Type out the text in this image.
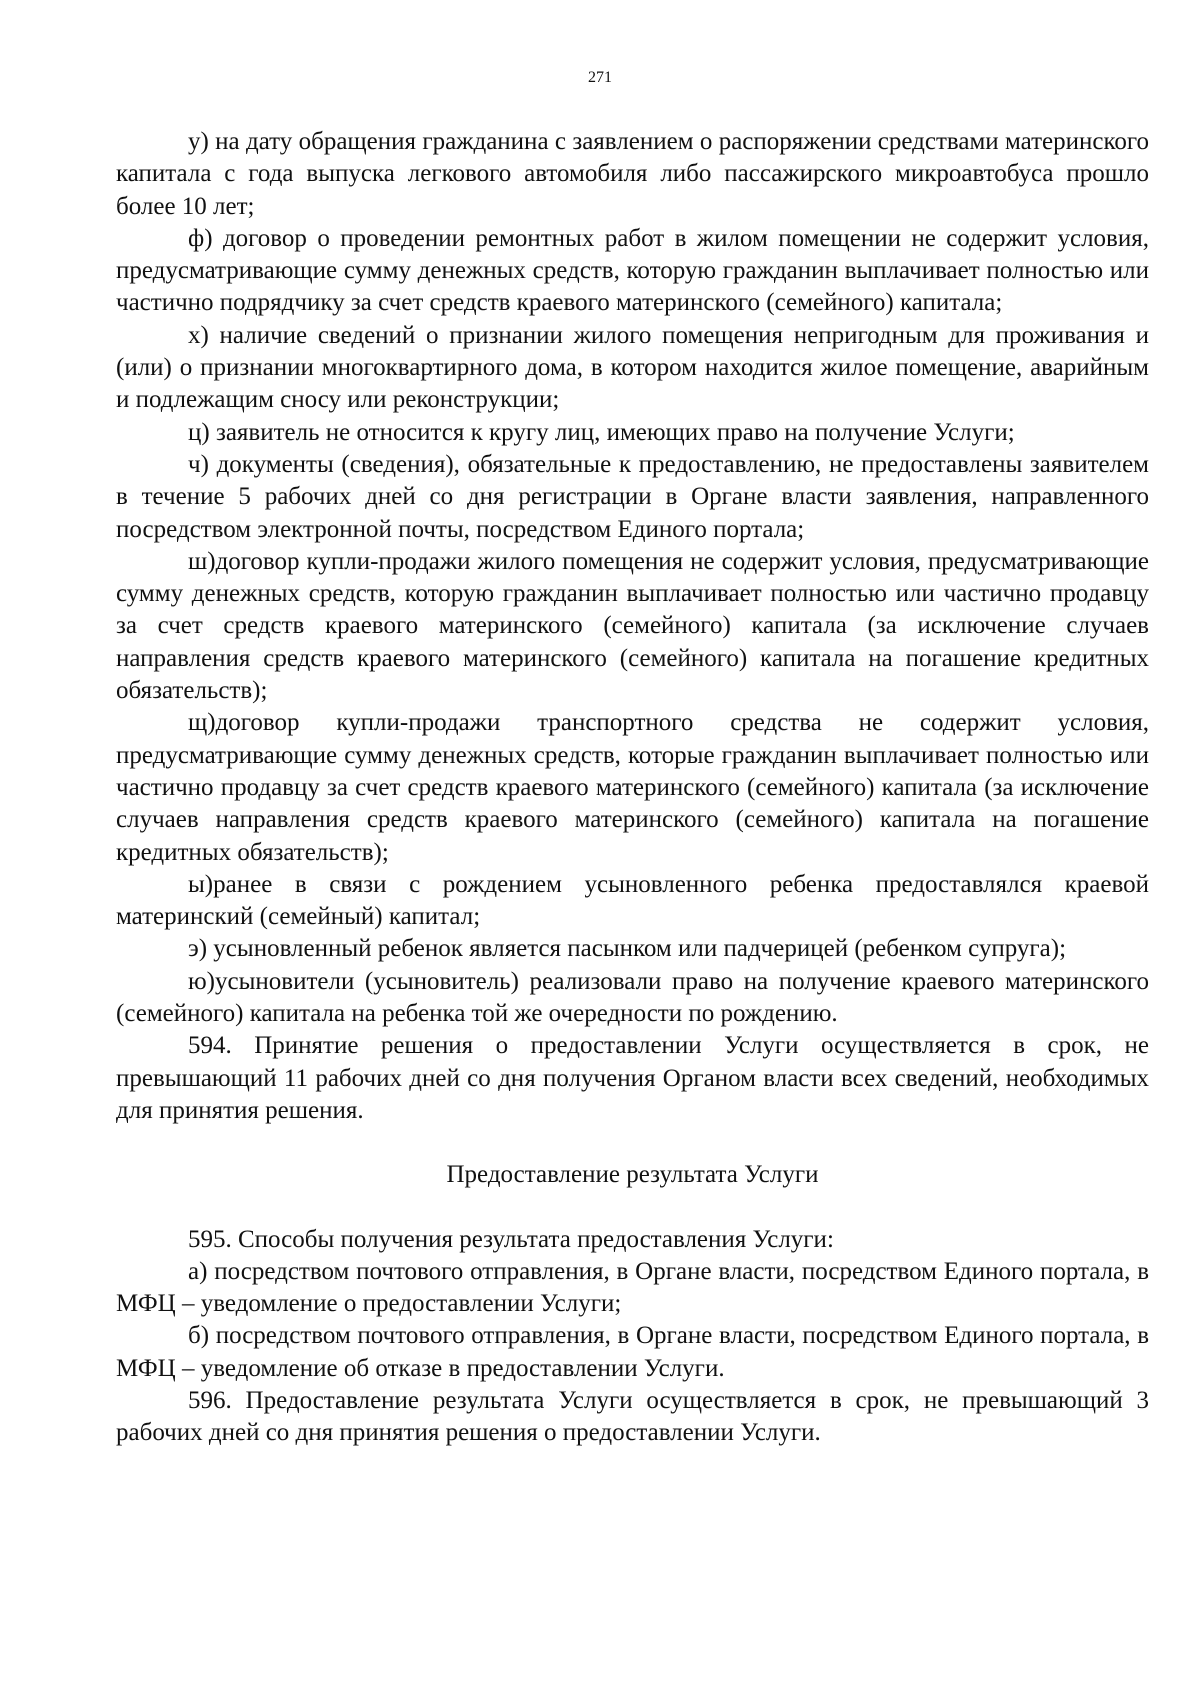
271

у) на дату обращения гражданина с заявлением о распоряжении средствами материнского капитала с года выпуска легкового автомобиля либо пассажирского микроавтобуса прошло более 10 лет;

ф) договор о проведении ремонтных работ в жилом помещении не содержит условия, предусматривающие сумму денежных средств, которую гражданин выплачивает полностью или частично подрядчику за счет средств краевого материнского (семейного) капитала;

х) наличие сведений о признании жилого помещения непригодным для проживания и (или) о признании многоквартирного дома, в котором находится жилое помещение, аварийным и подлежащим сносу или реконструкции;

ц) заявитель не относится к кругу лиц, имеющих право на получение Услуги;

ч) документы (сведения), обязательные к предоставлению, не предоставлены заявителем в течение 5 рабочих дней со дня регистрации в Органе власти заявления, направленного посредством электронной почты, посредством Единого портала;

ш)договор купли-продажи жилого помещения не содержит условия, предусматривающие сумму денежных средств, которую гражданин выплачивает полностью или частично продавцу за счет средств краевого материнского (семейного) капитала (за исключение случаев направления средств краевого материнского (семейного) капитала на погашение кредитных обязательств);

щ)договор купли-продажи транспортного средства не содержит условия, предусматривающие сумму денежных средств, которые гражданин выплачивает полностью или частично продавцу за счет средств краевого материнского (семейного) капитала (за исключение случаев направления средств краевого материнского (семейного) капитала на погашение кредитных обязательств);

ы)ранее в связи с рождением усыновленного ребенка предоставлялся краевой материнский (семейный) капитал;

э) усыновленный ребенок является пасынком или падчерицей (ребенком супруга);

ю)усыновители (усыновитель) реализовали право на получение краевого материнского (семейного) капитала на ребенка той же очередности по рождению.

594. Принятие решения о предоставлении Услуги осуществляется в срок, не превышающий 11 рабочих дней со дня получения Органом власти всех сведений, необходимых для принятия решения.

Предоставление результата Услуги

595. Способы получения результата предоставления Услуги:

а) посредством почтового отправления, в Органе власти, посредством Единого портала, в МФЦ – уведомление о предоставлении Услуги;

б) посредством почтового отправления, в Органе власти, посредством Единого портала, в МФЦ – уведомление об отказе в предоставлении Услуги.

596. Предоставление результата Услуги осуществляется в срок, не превышающий 3 рабочих дней со дня принятия решения о предоставлении Услуги.
